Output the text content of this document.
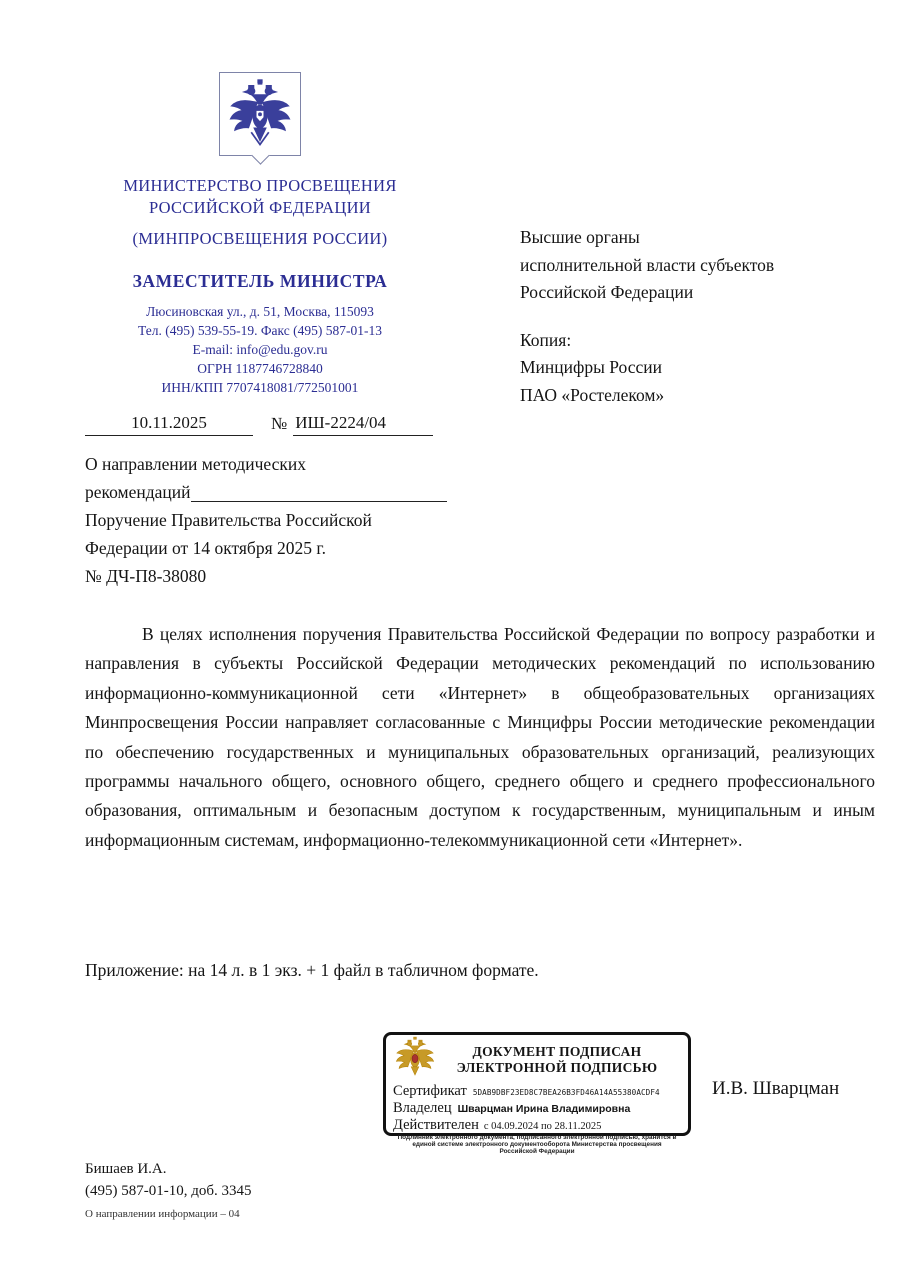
МИНИСТЕРСТВО ПРОСВЕЩЕНИЯ
РОССИЙСКОЙ ФЕДЕРАЦИИ
(МИНПРОСВЕЩЕНИЯ РОССИИ)
ЗАМЕСТИТЕЛЬ МИНИСТРА
Люсиновская ул., д. 51, Москва, 115093
Тел. (495) 539-55-19. Факс (495) 587-01-13
E-mail: info@edu.gov.ru
ОГРН 1187746728840
ИНН/КПП 7707418081/772501001
10.11.2025	№ ИШ-2224/04
Высшие органы
исполнительной власти субъектов
Российской Федерации
Копия:
Минцифры России
ПАО «Ростелеком»
О направлении методических
рекомендаций
Поручение Правительства Российской
Федерации от 14 октября 2025 г.
№ ДЧ-П8-38080
В целях исполнения поручения Правительства Российской Федерации по вопросу разработки и направления в субъекты Российской Федерации методических рекомендаций по использованию информационно-коммуникационной сети «Интернет» в общеобразовательных организациях Минпросвещения России направляет согласованные с Минцифры России методические рекомендации по обеспечению государственных и муниципальных образовательных организаций, реализующих программы начального общего, основного общего, среднего общего и среднего профессионального образования, оптимальным и безопасным доступом к государственным, муниципальным и иным информационным системам, информационно-телекоммуникационной сети «Интернет».
Приложение: на 14 л. в 1 экз. + 1 файл в табличном формате.
ДОКУМЕНТ ПОДПИСАН
ЭЛЕКТРОННОЙ ПОДПИСЬЮ
Сертификат 5DAB9DBF23ED8C7BEA26B3FD46A14A55380ACDF4
Владелец Шварцман Ирина Владимировна
Действителен с 04.09.2024 по 28.11.2025
Подлинник электронного документа, подписанного электронной подписью, хранится в единой системе электронного документооборота Министерства просвещения Российской Федерации
И.В. Шварцман
Бишаев И.А.
(495) 587-01-10, доб. 3345
О направлении информации – 04
